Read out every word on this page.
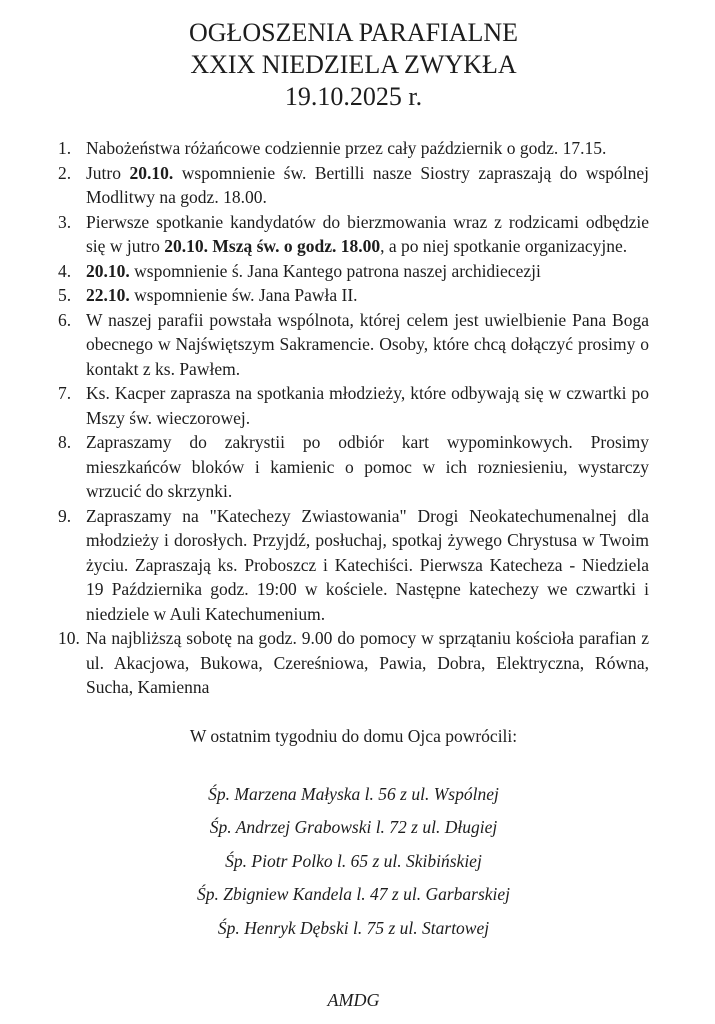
OGŁOSZENIA PARAFIALNE
XXIX NIEDZIELA ZWYKŁA
19.10.2025 r.
1. Nabożeństwa różańcowe codziennie przez cały październik o godz. 17.15.
2. Jutro 20.10. wspomnienie św. Bertilli nasze Siostry zapraszają do wspólnej Modlitwy na godz. 18.00.
3. Pierwsze spotkanie kandydatów do bierzmowania wraz z rodzicami odbędzie się w jutro 20.10. Mszą św. o godz. 18.00, a po niej spotkanie organizacyjne.
4. 20.10. wspomnienie ś. Jana Kantego patrona naszej archidiecezji
5. 22.10. wspomnienie św. Jana Pawła II.
6. W naszej parafii powstała wspólnota, której celem jest uwielbienie Pana Boga obecnego w Najświętszym Sakramencie. Osoby, które chcą dołączyć prosimy o kontakt z ks. Pawłem.
7. Ks. Kacper zaprasza na spotkania młodzieży, które odbywają się w czwartki po Mszy św. wieczorowej.
8. Zapraszamy do zakrystii po odbiór kart wypominkowych. Prosimy mieszkańców bloków i kamienic o pomoc w ich rozniesieniu, wystarczy wrzucić do skrzynki.
9. Zapraszamy na "Katechezy Zwiastowania" Drogi Neokatechumenalnej dla młodzieży i dorosłych. Przyjdź, posłuchaj, spotkaj żywego Chrystusa w Twoim życiu. Zapraszają ks. Proboszcz i Katechiści. Pierwsza Katecheza - Niedziela 19 Października godz. 19:00 w kościele. Następne katechezy we czwartki i niedziele w Auli Katechumenium.
10. Na najbliższą sobotę na godz. 9.00 do pomocy w sprzątaniu kościoła parafian z ul. Akacjowa, Bukowa, Czereśniowa, Pawia, Dobra, Elektryczna, Równa, Sucha, Kamienna

W ostatnim tygodniu do domu Ojca powrócili:

Śp. Marzena Małyska l. 56 z ul. Wspólnej

Śp. Andrzej Grabowski l. 72 z ul. Długiej

Śp. Piotr Polko l. 65 z ul. Skibińskiej

Śp. Zbigniew Kandela l. 47 z ul. Garbarskiej

Śp. Henryk Dębski l. 75 z ul. Startowej

AMDG
